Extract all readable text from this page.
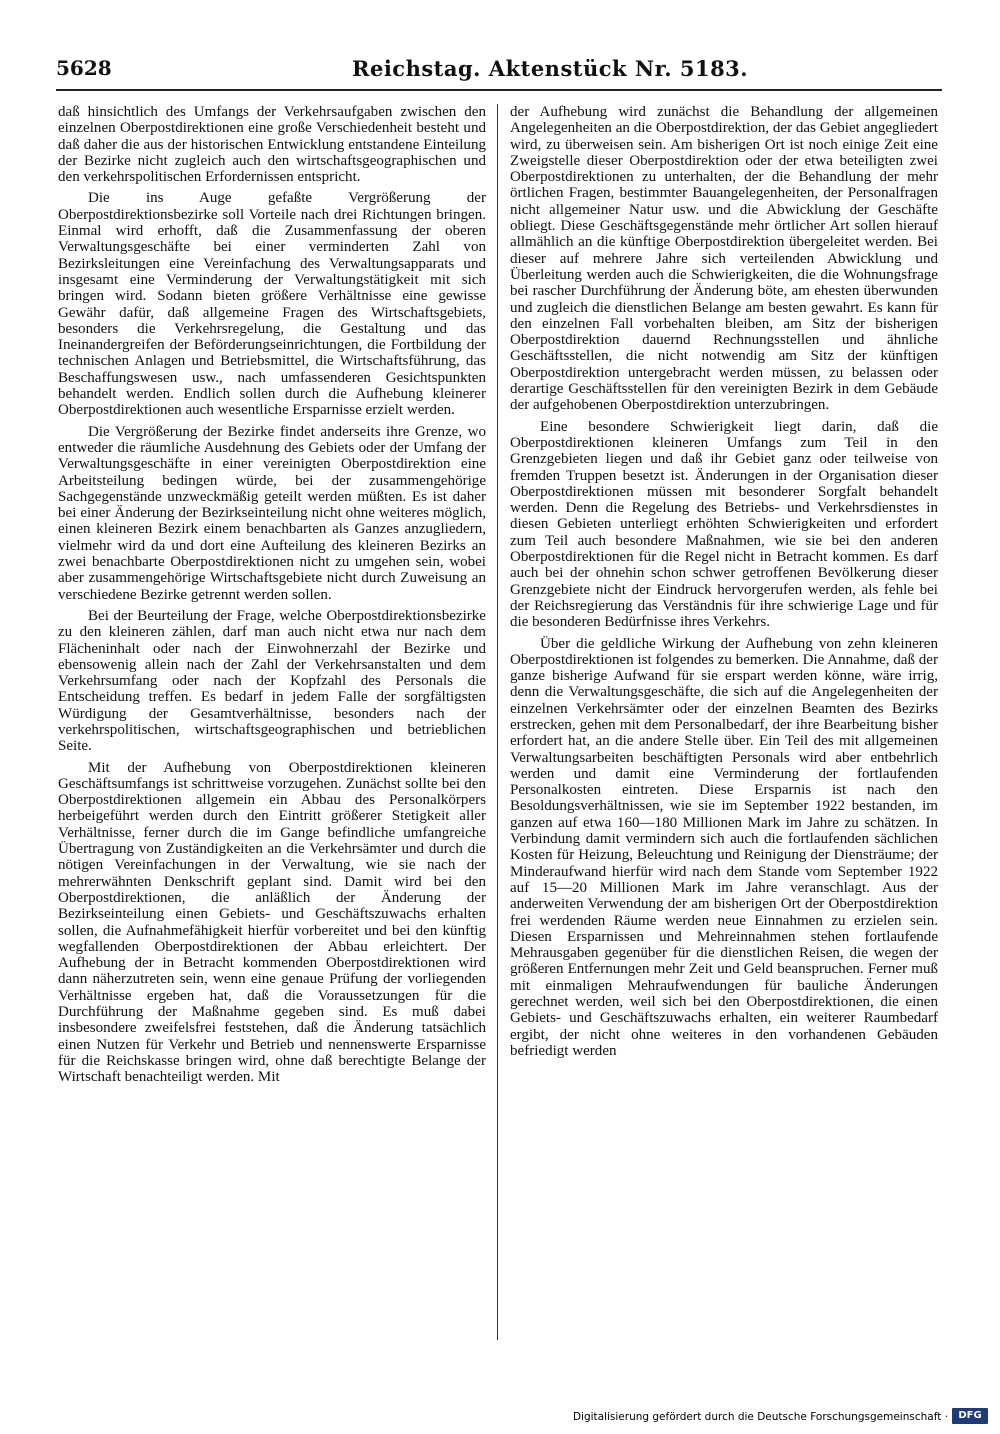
5628	Reichstag. Aktenstück Nr. 5183.

daß hinsichtlich des Umfangs der Verkehrsaufgaben zwischen den einzelnen Oberpostdirektionen eine große Verschiedenheit besteht und daß daher die aus der historischen Entwicklung entstandene Einteilung der Bezirke nicht zugleich auch den wirtschaftsgeographischen und den verkehrspolitischen Erfordernissen entspricht.

Die ins Auge gefaßte Vergrößerung der Oberpostdirektionsbezirke soll Vorteile nach drei Richtungen bringen. Einmal wird erhofft, daß die Zusammenfassung der oberen Verwaltungsgeschäfte bei einer verminderten Zahl von Bezirksleitungen eine Vereinfachung des Verwaltungsapparats und insgesamt eine Verminderung der Verwaltungstätigkeit mit sich bringen wird. Sodann bieten größere Verhältnisse eine gewisse Gewähr dafür, daß allgemeine Fragen des Wirtschaftsgebiets, besonders die Verkehrsregelung, die Gestaltung und das Ineinandergreifen der Beförderungseinrichtungen, die Fortbildung der technischen Anlagen und Betriebsmittel, die Wirtschaftsführung, das Beschaffungswesen usw., nach umfassenderen Gesichtspunkten behandelt werden. Endlich sollen durch die Aufhebung kleinerer Oberpostdirektionen auch wesentliche Ersparnisse erzielt werden.

Die Vergrößerung der Bezirke findet anderseits ihre Grenze, wo entweder die räumliche Ausdehnung des Gebiets oder der Umfang der Verwaltungsgeschäfte in einer vereinigten Oberpostdirektion eine Arbeitsteilung bedingen würde, bei der zusammengehörige Sachgegenstände unzweckmäßig geteilt werden müßten. Es ist daher bei einer Änderung der Bezirkseinteilung nicht ohne weiteres möglich, einen kleineren Bezirk einem benachbarten als Ganzes anzugliedern, vielmehr wird da und dort eine Aufteilung des kleineren Bezirks an zwei benachbarte Oberpostdirektionen nicht zu umgehen sein, wobei aber zusammengehörige Wirtschaftsgebiete nicht durch Zuweisung an verschiedene Bezirke getrennt werden sollen.

Bei der Beurteilung der Frage, welche Oberpostdirektionsbezirke zu den kleineren zählen, darf man auch nicht etwa nur nach dem Flächeninhalt oder nach der Einwohnerzahl der Bezirke und ebensowenig allein nach der Zahl der Verkehrsanstalten und dem Verkehrsumfang oder nach der Kopfzahl des Personals die Entscheidung treffen. Es bedarf in jedem Falle der sorgfältigsten Würdigung der Gesamtverhältnisse, besonders nach der verkehrspolitischen, wirtschaftsgeographischen und betrieblichen Seite.

Mit der Aufhebung von Oberpostdirektionen kleineren Geschäftsumfangs ist schrittweise vorzugehen. Zunächst sollte bei den Oberpostdirektionen allgemein ein Abbau des Personalkörpers herbeigeführt werden durch den Eintritt größerer Stetigkeit aller Verhältnisse, ferner durch die im Gange befindliche umfangreiche Übertragung von Zuständigkeiten an die Verkehrsämter und durch die nötigen Vereinfachungen in der Verwaltung, wie sie nach der mehrerwähnten Denkschrift geplant sind. Damit wird bei den Oberpostdirektionen, die anläßlich der Änderung der Bezirkseinteilung einen Gebiets- und Geschäftszuwachs erhalten sollen, die Aufnahmefähigkeit hierfür vorbereitet und bei den künftig wegfallenden Oberpostdirektionen der Abbau erleichtert. Der Aufhebung der in Betracht kommenden Oberpostdirektionen wird dann näherzutreten sein, wenn eine genaue Prüfung der vorliegenden Verhältnisse ergeben hat, daß die Voraussetzungen für die Durchführung der Maßnahme gegeben sind. Es muß dabei insbesondere zweifelsfrei feststehen, daß die Änderung tatsächlich einen Nutzen für Verkehr und Betrieb und nennenswerte Ersparnisse für die Reichskasse bringen wird, ohne daß berechtigte Belange der Wirtschaft benachteiligt werden. Mit

der Aufhebung wird zunächst die Behandlung der allgemeinen Angelegenheiten an die Oberpostdirektion, der das Gebiet angegliedert wird, zu überweisen sein. Am bisherigen Ort ist noch einige Zeit eine Zweigstelle dieser Oberpostdirektion oder der etwa beteiligten zwei Oberpostdirektionen zu unterhalten, der die Behandlung der mehr örtlichen Fragen, bestimmter Bauangelegenheiten, der Personalfragen nicht allgemeiner Natur usw. und die Abwicklung der Geschäfte obliegt. Diese Geschäftsgegenstände mehr örtlicher Art sollen hierauf allmählich an die künftige Oberpostdirektion übergeleitet werden. Bei dieser auf mehrere Jahre sich verteilenden Abwicklung und Überleitung werden auch die Schwierigkeiten, die die Wohnungsfrage bei rascher Durchführung der Änderung böte, am ehesten überwunden und zugleich die dienstlichen Belange am besten gewahrt. Es kann für den einzelnen Fall vorbehalten bleiben, am Sitz der bisherigen Oberpostdirektion dauernd Rechnungsstellen und ähnliche Geschäftsstellen, die nicht notwendig am Sitz der künftigen Oberpostdirektion untergebracht werden müssen, zu belassen oder derartige Geschäftsstellen für den vereinigten Bezirk in dem Gebäude der aufgehobenen Oberpostdirektion unterzubringen.

Eine besondere Schwierigkeit liegt darin, daß die Oberpostdirektionen kleineren Umfangs zum Teil in den Grenzgebieten liegen und daß ihr Gebiet ganz oder teilweise von fremden Truppen besetzt ist. Änderungen in der Organisation dieser Oberpostdirektionen müssen mit besonderer Sorgfalt behandelt werden. Denn die Regelung des Betriebs- und Verkehrsdienstes in diesen Gebieten unterliegt erhöhten Schwierigkeiten und erfordert zum Teil auch besondere Maßnahmen, wie sie bei den anderen Oberpostdirektionen für die Regel nicht in Betracht kommen. Es darf auch bei der ohnehin schon schwer getroffenen Bevölkerung dieser Grenzgebiete nicht der Eindruck hervorgerufen werden, als fehle bei der Reichsregierung das Verständnis für ihre schwierige Lage und für die besonderen Bedürfnisse ihres Verkehrs.

Über die geldliche Wirkung der Aufhebung von zehn kleineren Oberpostdirektionen ist folgendes zu bemerken. Die Annahme, daß der ganze bisherige Aufwand für sie erspart werden könne, wäre irrig, denn die Verwaltungsgeschäfte, die sich auf die Angelegenheiten der einzelnen Verkehrsämter oder der einzelnen Beamten des Bezirks erstrecken, gehen mit dem Personalbedarf, der ihre Bearbeitung bisher erfordert hat, an die andere Stelle über. Ein Teil des mit allgemeinen Verwaltungsarbeiten beschäftigten Personals wird aber entbehrlich werden und damit eine Verminderung der fortlaufenden Personalkosten eintreten. Diese Ersparnis ist nach den Besoldungsverhältnissen, wie sie im September 1922 bestanden, im ganzen auf etwa 160—180 Millionen Mark im Jahre zu schätzen. In Verbindung damit vermindern sich auch die fortlaufenden sächlichen Kosten für Heizung, Beleuchtung und Reinigung der Diensträume; der Minderaufwand hierfür wird nach dem Stande vom September 1922 auf 15—20 Millionen Mark im Jahre veranschlagt. Aus der anderweiten Verwendung der am bisherigen Ort der Oberpostdirektion frei werdenden Räume werden neue Einnahmen zu erzielen sein. Diesen Ersparnissen und Mehreinnahmen stehen fortlaufende Mehrausgaben gegenüber für die dienstlichen Reisen, die wegen der größeren Entfernungen mehr Zeit und Geld beanspruchen. Ferner muß mit einmaligen Mehraufwendungen für bauliche Änderungen gerechnet werden, weil sich bei den Oberpostdirektionen, die einen Gebiets- und Geschäftszuwachs erhalten, ein weiterer Raumbedarf ergibt, der nicht ohne weiteres in den vorhandenen Gebäuden befriedigt werden

Digitalisierung gefördert durch die Deutsche Forschungsgemeinschaft ·	DFG
